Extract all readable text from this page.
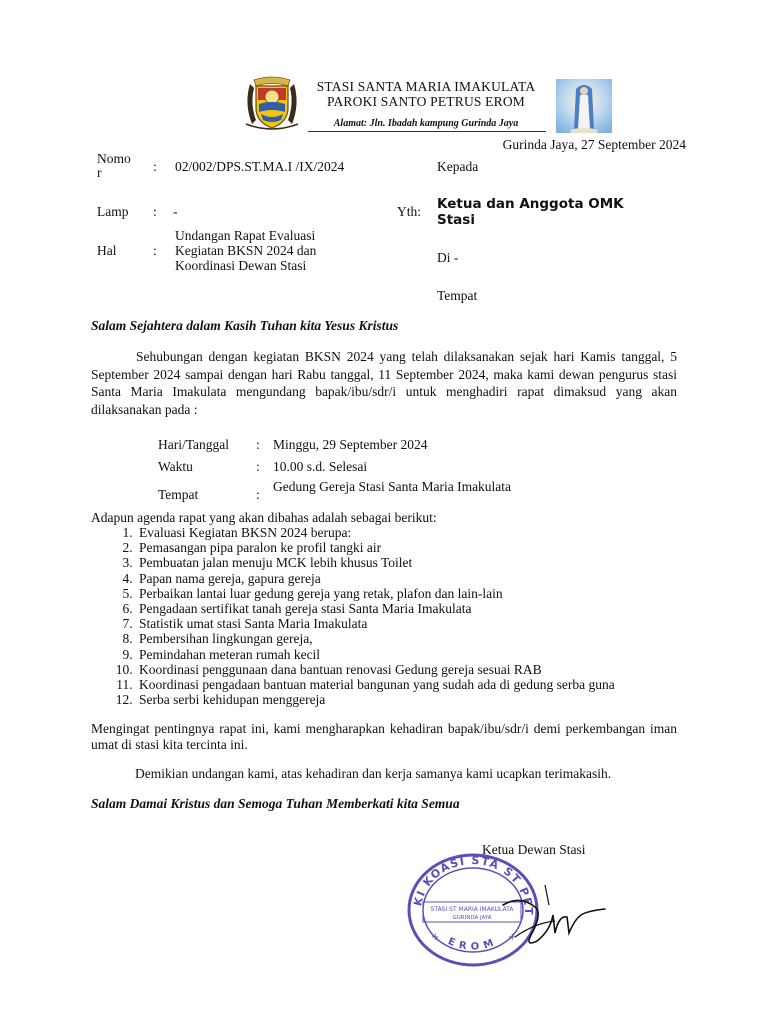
STASI SANTA MARIA IMAKULATA
PAROKI SANTO PETRUS EROM
Alamat: Jln. Ibadah kampung Gurinda Jaya
Gurinda Jaya, 27 September 2024
Nomo
r	: 02/002/DPS.ST.MA.I /IX/2024
Lamp : -
Hal	:
Undangan Rapat Evaluasi Kegiatan BKSN 2024 dan Koordinasi Dewan Stasi
Kepada
Yth: Ketua dan Anggota OMK Stasi
Di -
Tempat
Salam Sejahtera dalam Kasih Tuhan kita Yesus Kristus
Sehubungan dengan kegiatan BKSN 2024 yang telah dilaksanakan sejak hari Kamis tanggal, 5 September 2024 sampai dengan hari Rabu tanggal, 11 September 2024, maka kami dewan pengurus stasi Santa Maria Imakulata mengundang bapak/ibu/sdr/i untuk menghadiri rapat dimaksud yang akan dilaksanakan pada :
Hari/Tanggal : Minggu, 29 September 2024
Waktu	: 10.00 s.d. Selesai
Tempat	:
Gedung Gereja Stasi Santa Maria Imakulata
Adapun agenda rapat yang akan dibahas adalah sebagai berikut:
1. Evaluasi Kegiatan BKSN 2024 berupa:
2. Pemasangan pipa paralon ke profil tangki air
3. Pembuatan jalan menuju MCK lebih khusus Toilet
4. Papan nama gereja, gapura gereja
5. Perbaikan lantai luar gedung gereja yang retak, plafon dan lain-lain
6. Pengadaan sertifikat tanah gereja stasi Santa Maria Imakulata
7. Statistik umat stasi Santa Maria Imakulata
8. Pembersihan lingkungan gereja,
9. Pemindahan meteran rumah kecil
10. Koordinasi penggunaan dana bantuan renovasi Gedung gereja sesuai RAB
11. Koordinasi pengadaan bantuan material bangunan yang sudah ada di gedung serba guna
12. Serba serbi kehidupan menggereja
Mengingat pentingnya rapat ini, kami mengharapkan kehadiran bapak/ibu/sdr/i demi perkembangan iman umat di stasi kita tercinta ini.
Demikian undangan kami, atas kehadiran dan kerja samanya kami ucapkan terimakasih.
Salam Damai Kristus dan Semoga Tuhan Memberkati kita Semua
Ketua Dewan Stasi
KI KOASI STA ST PET
EROM
STASI ST MARIA IMAKULATA
GURINDA JAYA
+	+
